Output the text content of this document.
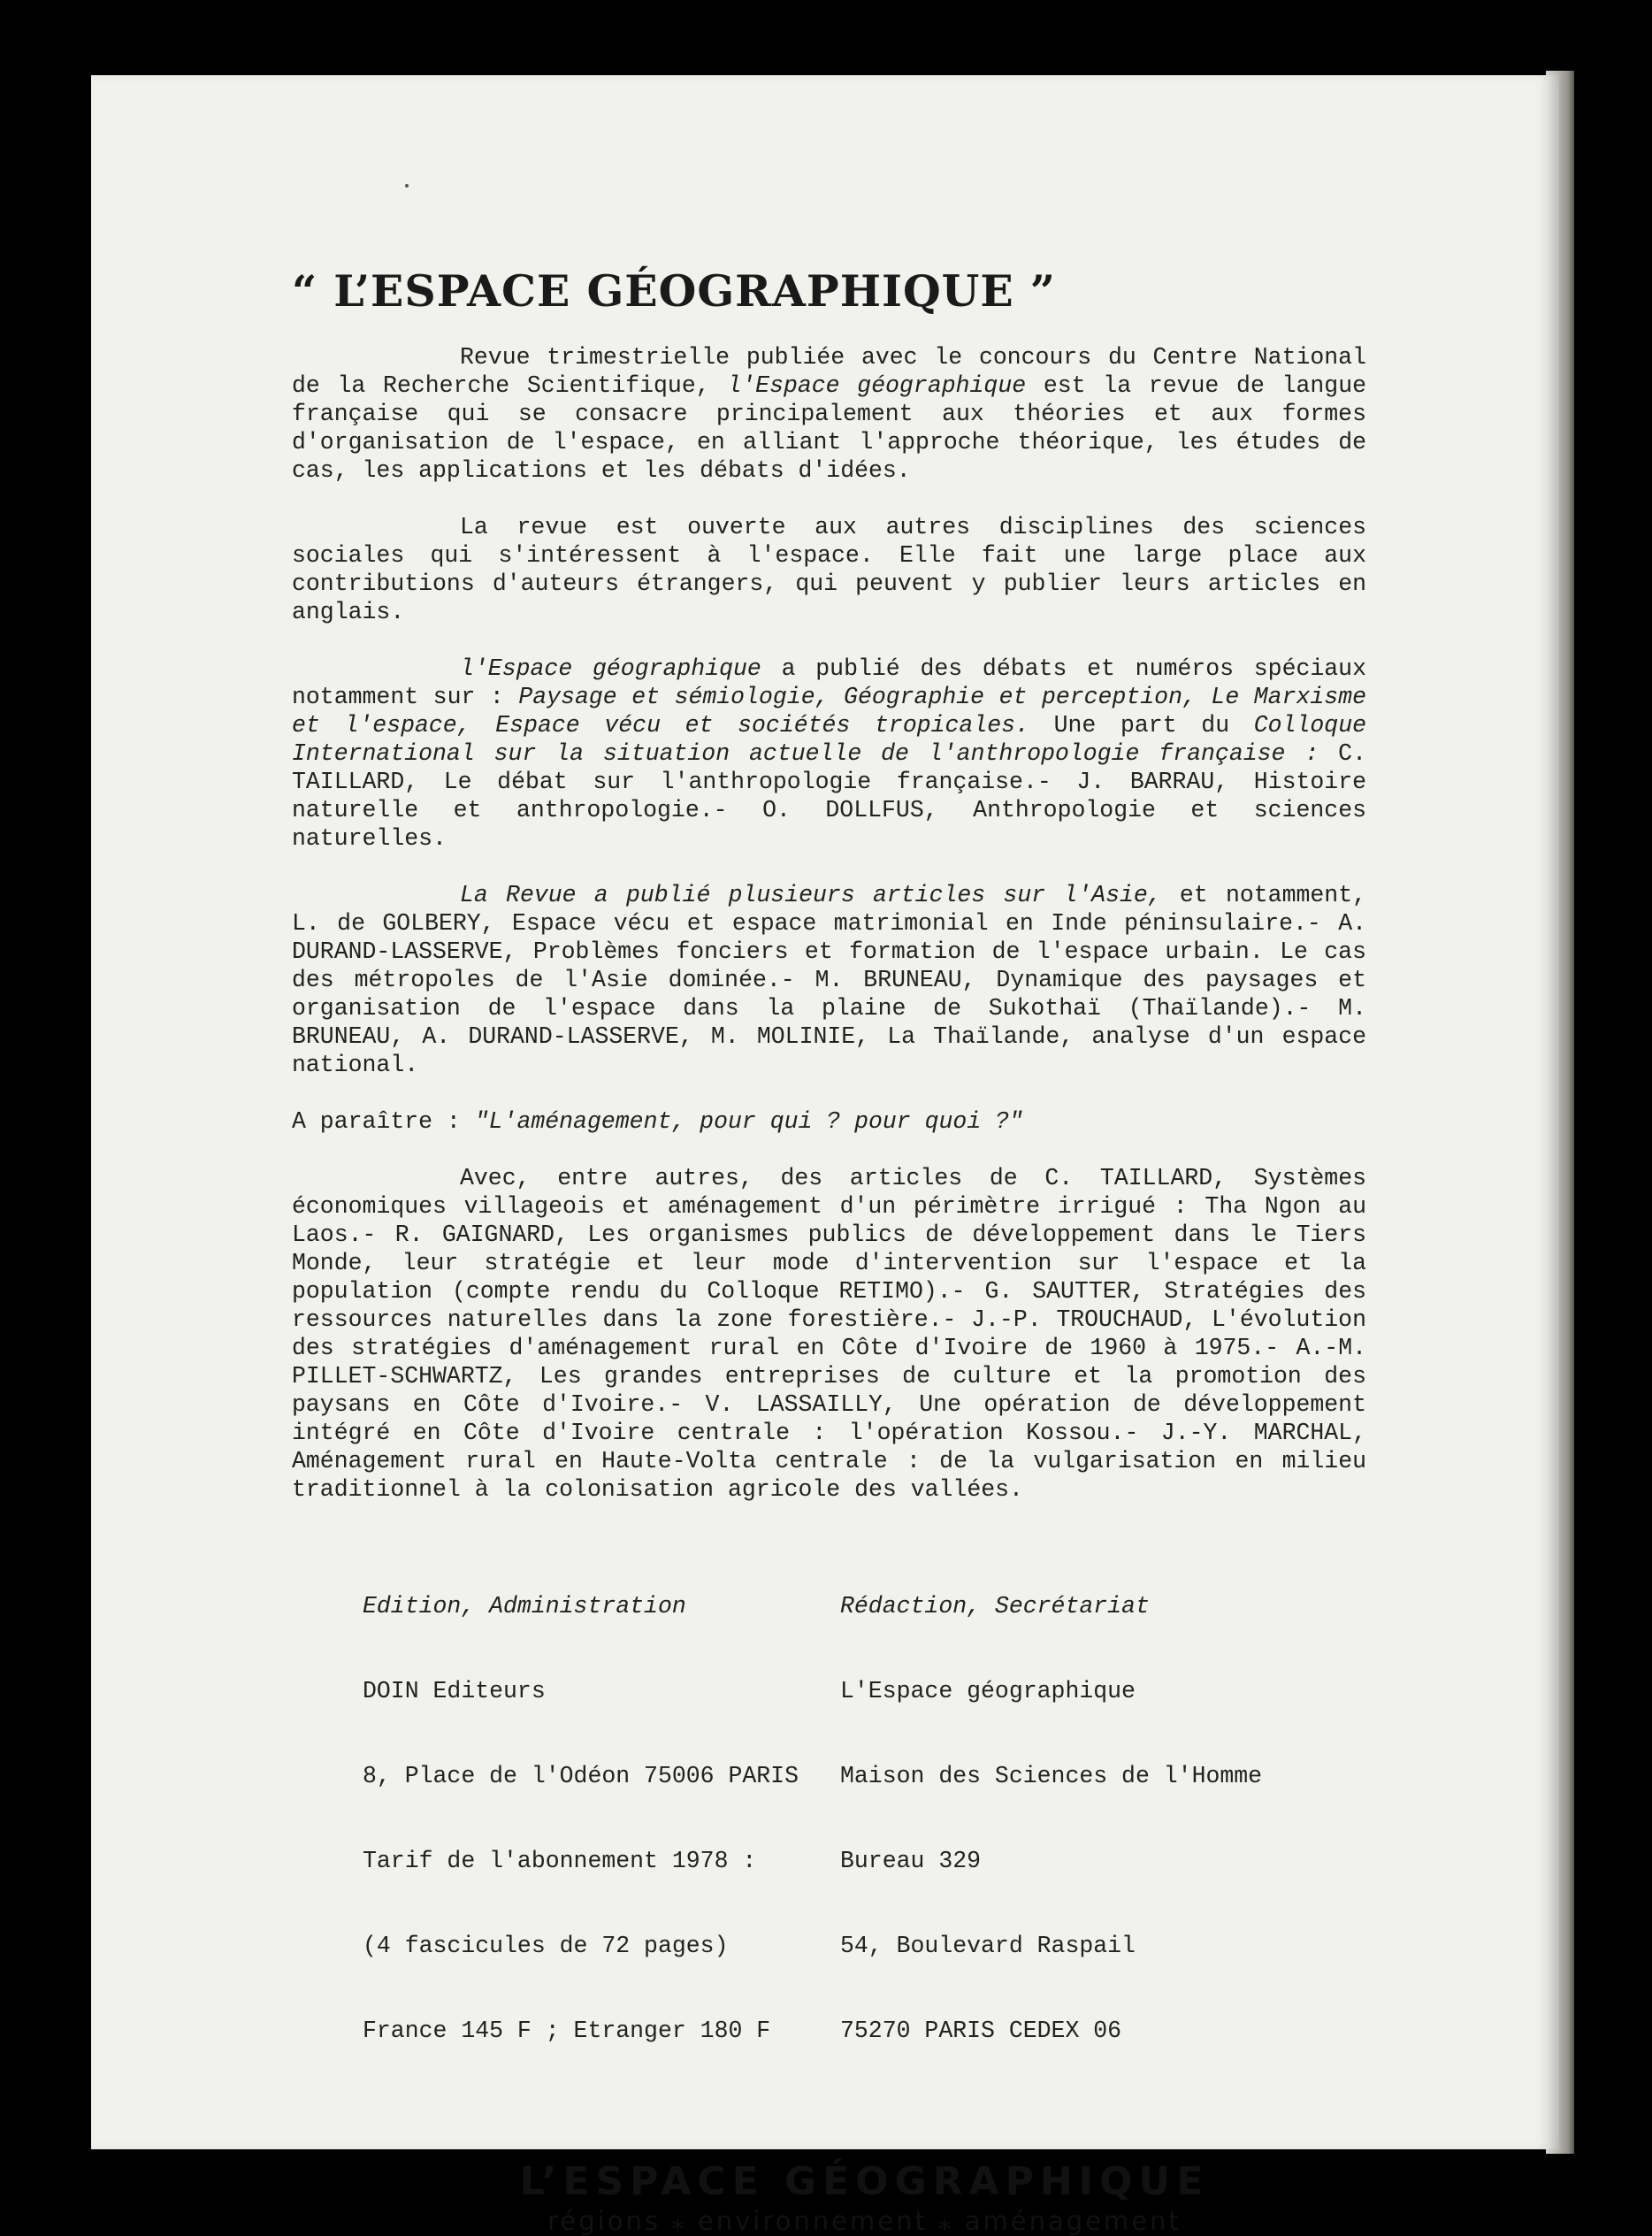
“ L’ESPACE GÉOGRAPHIQUE ”

Revue trimestrielle publiée avec le concours du Centre National de la Recherche Scientifique, l'Espace géographique est la revue de langue française qui se consacre principalement aux théories et aux formes d'organisation de l'espace, en alliant l'approche théorique, les études de cas, les applications et les débats d'idées.

La revue est ouverte aux autres disciplines des sciences sociales qui s'intéressent à l'espace. Elle fait une large place aux contributions d'auteurs étrangers, qui peuvent y publier leurs articles en anglais.

l'Espace géographique a publié des débats et numéros spéciaux notamment sur : Paysage et sémiologie, Géographie et perception, Le Marxisme et l'espace, Espace vécu et sociétés tropicales. Une part du Colloque International sur la situation actuelle de l'anthropologie française : C. TAILLARD, Le débat sur l'anthropologie française.- J. BARRAU, Histoire naturelle et anthropologie.- O. DOLLFUS, Anthropologie et sciences naturelles.

La Revue a publié plusieurs articles sur l'Asie, et notamment, L. de GOLBERY, Espace vécu et espace matrimonial en Inde péninsulaire.- A. DURAND-LASSERVE, Problèmes fonciers et formation de l'espace urbain. Le cas des métropoles de l'Asie dominée.- M. BRUNEAU, Dynamique des paysages et organisation de l'espace dans la plaine de Sukothaï (Thaïlande).- M. BRUNEAU, A. DURAND-LASSERVE, M. MOLINIE, La Thaïlande, analyse d'un espace national.

A paraître : "L'aménagement, pour qui ? pour quoi ?"

Avec, entre autres, des articles de C. TAILLARD, Systèmes économiques villageois et aménagement d'un périmètre irrigué : Tha Ngon au Laos.- R. GAIGNARD, Les organismes publics de développement dans le Tiers Monde, leur stratégie et leur mode d'intervention sur l'espace et la population (compte rendu du Colloque RETIMO).- G. SAUTTER, Stratégies des ressources naturelles dans la zone forestière.- J.-P. TROUCHAUD, L'évolution des stratégies d'aménagement rural en Côte d'Ivoire de 1960 à 1975.- A.-M. PILLET-SCHWARTZ, Les grandes entreprises de culture et la promotion des paysans en Côte d'Ivoire.- V. LASSAILLY, Une opération de développement intégré en Côte d'Ivoire centrale : l'opération Kossou.- J.-Y. MARCHAL, Aménagement rural en Haute-Volta centrale : de la vulgarisation en milieu traditionnel à la colonisation agricole des vallées.

Edition, Administration

DOIN Editeurs

8, Place de l'Odéon 75006 PARIS

Tarif de l'abonnement 1978 :

(4 fascicules de 72 pages)

France 145 F ; Etranger 180 F

Rédaction, Secrétariat

L'Espace géographique

Maison des Sciences de l'Homme

Bureau 329

54, Boulevard Raspail

75270 PARIS CEDEX 06

L’ESPACE GÉOGRAPHIQUE
régions ⁎ environnement ⁎ aménagement
